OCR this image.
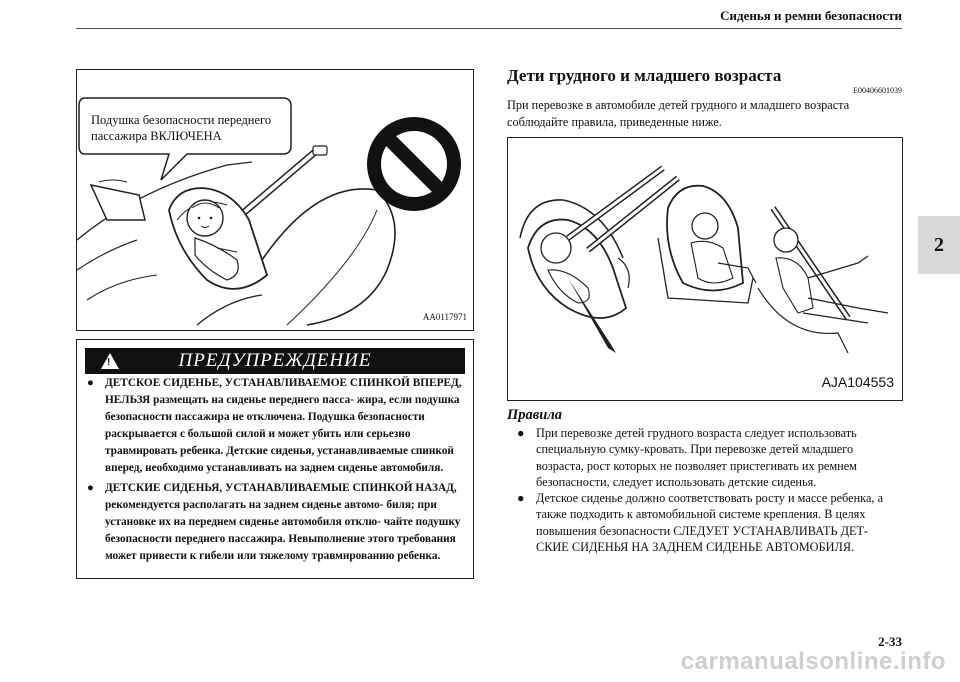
Сиденья и ремни безопасности
2
Подушка безопасности переднего пассажира ВКЛЮЧЕНА
AA0117971
ПРЕДУПРЕЖДЕНИЕ
!
● ДЕТСКОЕ СИДЕНЬЕ, УСТАНАВЛИВАЕМОЕ СПИНКОЙ ВПЕРЕД, НЕЛЬЗЯ размещать на сиденье переднего пасса- жира, если подушка безопасности пассажира не отключена. Подушка безопасности раскрывается с большой силой и может убить или серьезно травмировать ребенка. Детские сиденья, устанавливаемые спинкой вперед, необходимо устанавливать на заднем сиденье автомобиля.
● ДЕТСКИЕ СИДЕНЬЯ, УСТАНАВЛИВАЕМЫЕ СПИНКОЙ НАЗАД, рекомендуется располагать на заднем сиденье автомо- биля; при установке их на переднем сиденье автомобиля отклю- чайте подушку безопасности переднего пассажира. Невыполнение этого требования может привести к гибели или тяжелому травмированию ребенка.
Дети грудного и младшего возраста
E00406601039
При перевозке в автомобиле детей грудного и младшего возраста соблюдайте правила, приведенные ниже.
AJA104553
Правила
● При перевозке детей грудного возраста следует использовать специальную сумку-кровать. При перевозке детей младшего возраста, рост которых не позволяет пристегивать их ремнем безопасности, следует использовать детские сиденья.
● Детское сиденье должно соответствовать росту и массе ребенка, а также подходить к автомобильной системе крепления. В целях повышения безопасности СЛЕДУЕТ УСТАНАВЛИВАТЬ ДЕТ- СКИЕ СИДЕНЬЯ НА ЗАДНЕМ СИДЕНЬЕ АВТОМОБИЛЯ.
2-33
carmanualsonline.info
